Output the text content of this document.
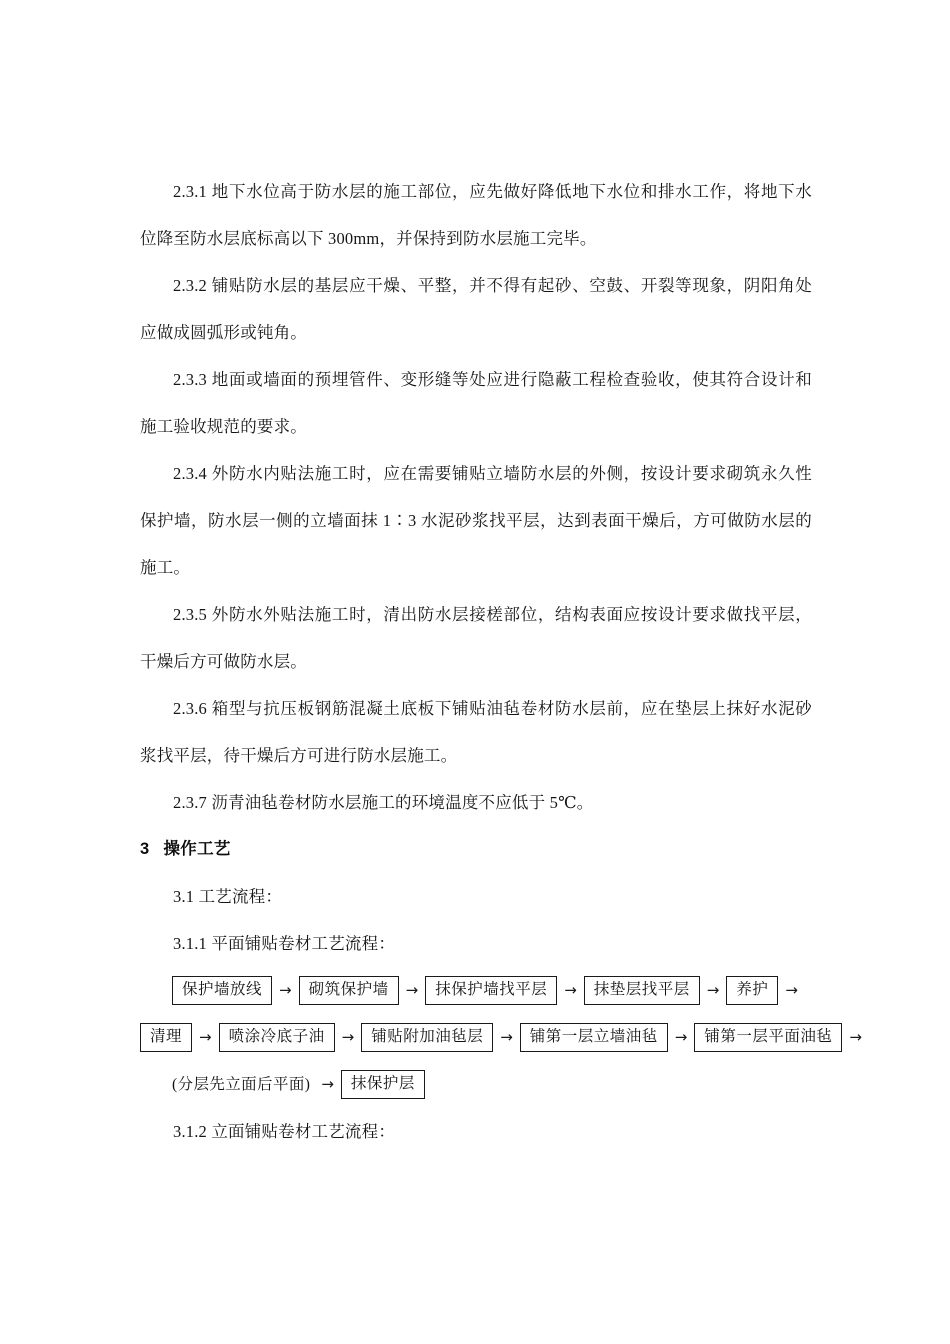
2.3.1 地下水位高于防水层的施工部位，应先做好降低地下水位和排水工作，将地下水位降至防水层底标高以下 300mm，并保持到防水层施工完毕。

2.3.2 铺贴防水层的基层应干燥、平整，并不得有起砂、空鼓、开裂等现象，阴阳角处应做成圆弧形或钝角。

2.3.3 地面或墙面的预埋管件、变形缝等处应进行隐蔽工程检查验收，使其符合设计和施工验收规范的要求。

2.3.4 外防水内贴法施工时，应在需要铺贴立墙防水层的外侧，按设计要求砌筑永久性保护墙，防水层一侧的立墙面抹 1∶3 水泥砂浆找平层，达到表面干燥后，方可做防水层的施工。

2.3.5 外防水外贴法施工时，清出防水层接槎部位，结构表面应按设计要求做找平层，干燥后方可做防水层。

2.3.6 箱型与抗压板钢筋混凝土底板下铺贴油毡卷材防水层前，应在垫层上抹好水泥砂浆找平层，待干燥后方可进行防水层施工。

2.3.7 沥青油毡卷材防水层施工的环境温度不应低于 5℃。

3 操作工艺

3.1 工艺流程：

3.1.1 平面铺贴卷材工艺流程：

保护墙放线	→	砌筑保护墙	→	抹保护墙找平层	→	抹垫层找平层	→	养护	→
清理	→	喷涂冷底子油	→	铺贴附加油毡层	→	铺第一层立墙油毡	→	铺第一层平面油毡	→
(分层先立面后平面) →	抹保护层

3.1.2 立面铺贴卷材工艺流程：
